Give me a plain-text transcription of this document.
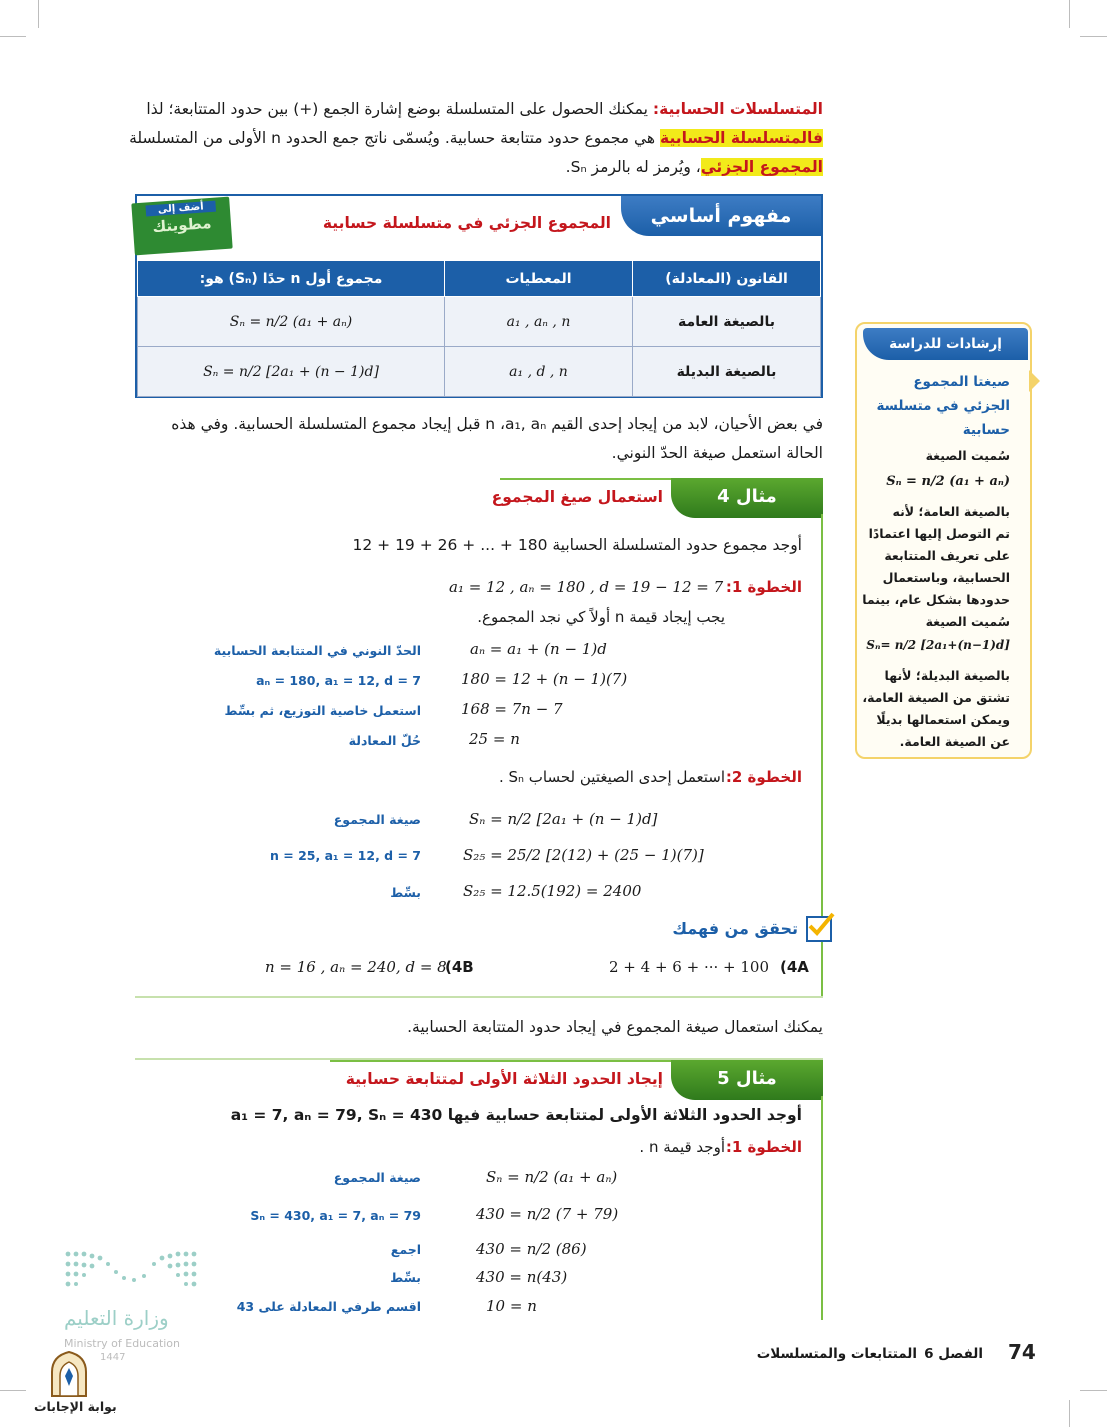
المتسلسلات الحسابية: يمكنك الحصول على المتسلسلة بوضع إشارة الجمع (+) بين حدود المتتابعة؛ لذا
فالمتسلسلة الحسابية هي مجموع حدود متتابعة حسابية. ويُسمّى ناتج جمع الحدود n الأولى من المتسلسلة
المجموع الجزئي، ويُرمز له بالرمز Sₙ.
مفهوم أساسي
المجموع الجزئي في متسلسلة حسابية
أضف إلى
مطويتك
القانون (المعادلة)	المعطيات	مجموع أول n حدًا (Sₙ) هو:
بالصيغة العامة	a₁ , aₙ , n	Sₙ = n/2 (a₁ + aₙ)
بالصيغة البديلة	a₁ , d , n	Sₙ = n/2 [2a₁ + (n − 1)d]
في بعض الأحيان، لابد من إيجاد إحدى القيم n ،a₁, aₙ قبل إيجاد مجموع المتسلسلة الحسابية. وفي هذه
الحالة استعمل صيغة الحدّ النوني.
مثال 4
استعمال صيغ المجموع
أوجد مجموع حدود المتسلسلة الحسابية 180 + ... + 26 + 19 + 12
الخطوة 1:
a₁ = 12 , aₙ = 180 , d = 19 − 12 = 7
يجب إيجاد قيمة n أولاً كي نجد المجموع.
aₙ = a₁ + (n − 1)d
الحدّ النوني في المتتابعة الحسابية
180 = 12 + (n − 1)(7)
aₙ = 180, a₁ = 12, d = 7
168 = 7n − 7
استعمل خاصية التوزيع، ثم بسِّط
25 = n
حُلّ المعادلة
الخطوة 2:
استعمل إحدى الصيغتين لحساب Sₙ .
Sₙ = n/2 [2a₁ + (n − 1)d]
صيغة المجموع
S₂₅ = 25/2 [2(12) + (25 − 1)(7)]
n = 25, a₁ = 12, d = 7
S₂₅ = 12.5(192) = 2400
بسِّط
تحقق من فهمك
(4A
2 + 4 + 6 + ··· + 100
(4B
n = 16 , aₙ = 240, d = 8
يمكنك استعمال صيغة المجموع في إيجاد حدود المتتابعة الحسابية.
مثال 5
إيجاد الحدود الثلاثة الأولى لمتتابعة حسابية
أوجد الحدود الثلاثة الأولى لمتتابعة حسابية فيها a₁ = 7, aₙ = 79, Sₙ = 430
الخطوة 1:
أوجد قيمة n .
Sₙ = n/2 (a₁ + aₙ)
صيغة المجموع
430 = n/2 (7 + 79)
Sₙ = 430, a₁ = 7, aₙ = 79
430 = n/2 (86)
اجمع
430 = n(43)
بسِّط
10 = n
اقسم طرفي المعادلة على 43
إرشادات للدراسة
صيغتا المجموع
الجزئي في متسلسة
حسابية
سُميت الصيغة
Sₙ = n/2 (a₁ + aₙ)
بالصيغة العامة؛ لأنه
تم التوصل إليها اعتمادًا
على تعريف المتتابعة
الحسابية، وباستعمال
حدودها بشكل عام، بينما
سُميت الصيغة
Sₙ= n/2 [2a₁+(n−1)d]
بالصيغة البديلة؛ لأنها
تشتق من الصيغة العامة،
ويمكن استعمالها بديلًا
عن الصيغة العامة.
وزارة التعليم
Ministry of Education
1447
بوابة الإجابات
74
الفصل 6
المتتابعات والمتسلسلات
